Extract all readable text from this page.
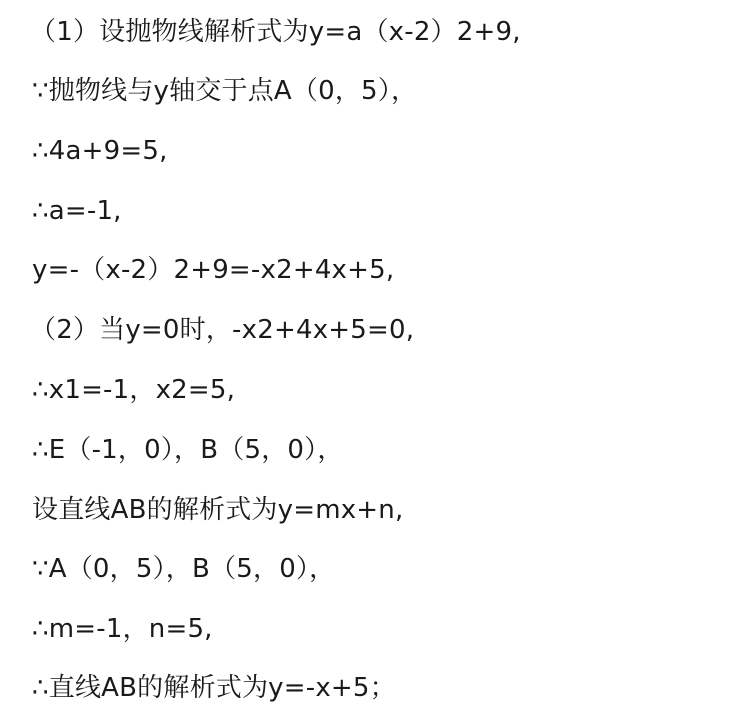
（1）设抛物线解析式为y=a（x-2）2+9,
∵抛物线与y轴交于点A（0，5），
∴4a+9=5,
∴a=-1,
y=-（x-2）2+9=-x2+4x+5,
（2）当y=0时，-x2+4x+5=0,
∴x1=-1，x2=5,
∴E（-1，0），B（5，0），
设直线AB的解析式为y=mx+n,
∵A（0，5），B（5，0），
∴m=-1，n=5,
∴直线AB的解析式为y=-x+5；
